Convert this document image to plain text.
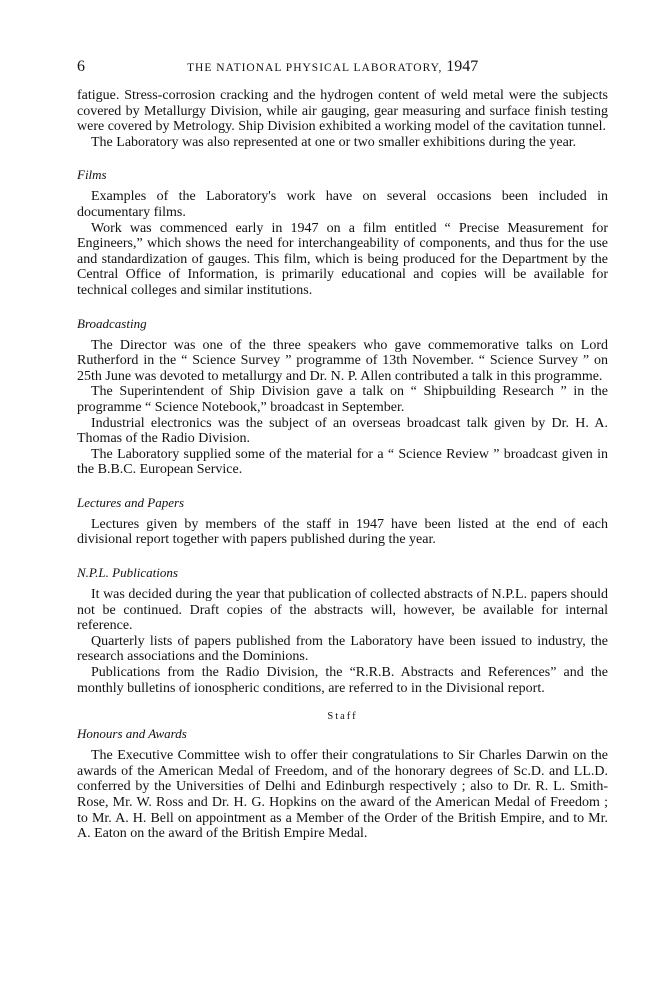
6	THE NATIONAL PHYSICAL LABORATORY, 1947

fatigue. Stress-corrosion cracking and the hydrogen content of weld metal were the subjects covered by Metallurgy Division, while air gauging, gear measuring and surface finish testing were covered by Metrology. Ship Division exhibited a working model of the cavitation tunnel.

The Laboratory was also represented at one or two smaller exhibitions during the year.

Films

Examples of the Laboratory's work have on several occasions been included in documentary films.

Work was commenced early in 1947 on a film entitled “ Precise Measurement for Engineers,” which shows the need for interchangeability of components, and thus for the use and standardization of gauges. This film, which is being produced for the Department by the Central Office of Information, is primarily educational and copies will be available for technical colleges and similar institutions.

Broadcasting

The Director was one of the three speakers who gave commemorative talks on Lord Rutherford in the “ Science Survey ” programme of 13th November. “ Science Survey ” on 25th June was devoted to metallurgy and Dr. N. P. Allen contributed a talk in this programme.

The Superintendent of Ship Division gave a talk on “ Shipbuilding Research ” in the programme “ Science Notebook,” broadcast in September.

Industrial electronics was the subject of an overseas broadcast talk given by Dr. H. A. Thomas of the Radio Division.

The Laboratory supplied some of the material for a “ Science Review ” broadcast given in the B.B.C. European Service.

Lectures and Papers

Lectures given by members of the staff in 1947 have been listed at the end of each divisional report together with papers published during the year.

N.P.L. Publications

It was decided during the year that publication of collected abstracts of N.P.L. papers should not be continued. Draft copies of the abstracts will, however, be available for internal reference.

Quarterly lists of papers published from the Laboratory have been issued to industry, the research associations and the Dominions.

Publications from the Radio Division, the “R.R.B. Abstracts and References” and the monthly bulletins of ionospheric conditions, are referred to in the Divisional report.

Staff
Honours and Awards

The Executive Committee wish to offer their congratulations to Sir Charles Darwin on the awards of the American Medal of Freedom, and of the honorary degrees of Sc.D. and LL.D. conferred by the Universities of Delhi and Edinburgh respectively ; also to Dr. R. L. Smith-Rose, Mr. W. Ross and Dr. H. G. Hopkins on the award of the American Medal of Freedom ; to Mr. A. H. Bell on appointment as a Member of the Order of the British Empire, and to Mr. A. Eaton on the award of the British Empire Medal.
